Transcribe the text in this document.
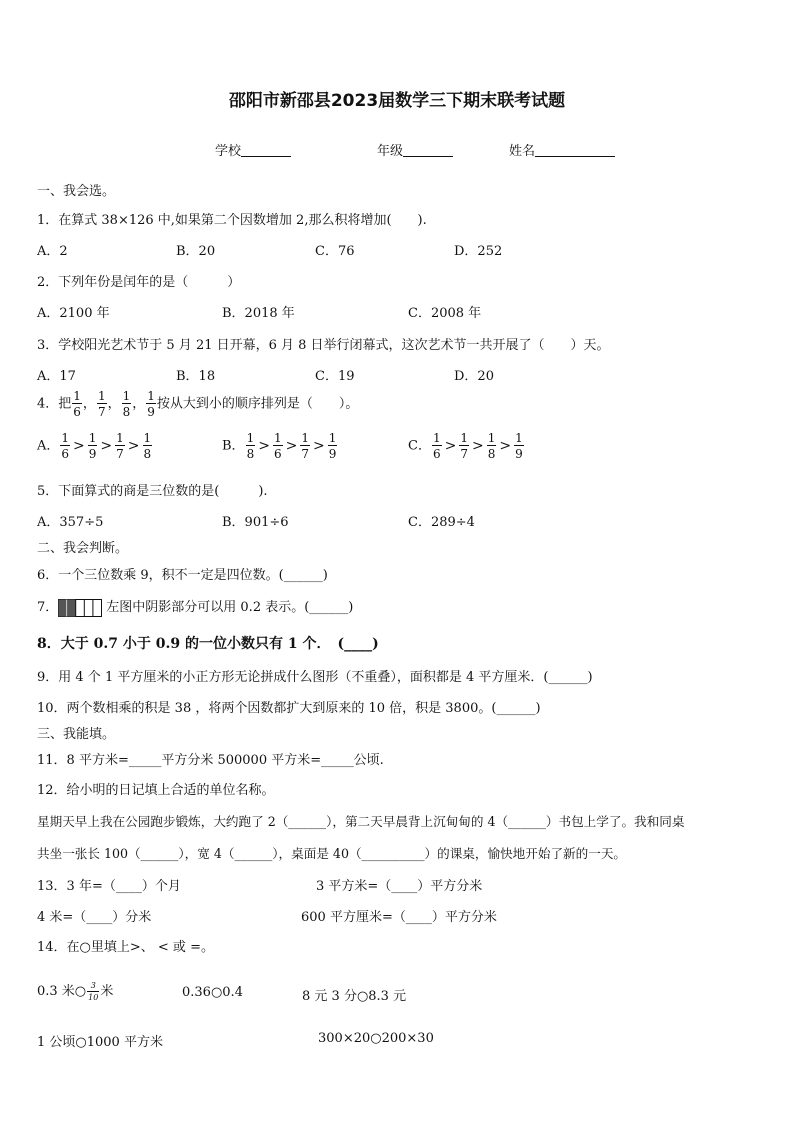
邵阳市新邵县2023届数学三下期末联考试题
学校	年级	姓名
一、我会选。
1．在算式 38×126 中,如果第二个因数增加 2,那么积将增加(　　).
A．2	B．20	C．76	D．252
2．下列年份是闰年的是（　　　）
A．2100 年	B．2018 年	C．2008 年
3．学校阳光艺术节于 5 月 21 日开幕，6 月 8 日举行闭幕式，这次艺术节一共开展了（　　）天。
A．17	B．18	C．19	D．20
4．把 $\frac{1}{6}$ ， $\frac{1}{7}$ ， $\frac{1}{8}$ ， $\frac{1}{9}$ 按从大到小的顺序排列是（　　）。
A． $\frac{1}{6} > \frac{1}{9} > \frac{1}{7} > \frac{1}{8}$	B． $\frac{1}{8} > \frac{1}{6} > \frac{1}{7} > \frac{1}{9}$	C． $\frac{1}{6} > \frac{1}{7} > \frac{1}{8} > \frac{1}{9}$
5．下面算式的商是三位数的是(　　　).
A．357÷5	B．901÷6	C．289÷4
二、我会判断。
6．一个三位数乘 9，积不一定是四位数。(______)
7．	左图中阴影部分可以用 0.2 表示。(______)
8．大于 0.7 小于 0.9 的一位小数只有 1 个．　(____)
9．用 4 个 1 平方厘米的小正方形无论拼成什么图形（不重叠），面积都是 4 平方厘米．(______)
10．两个数相乘的积是 38 ，将两个因数都扩大到原来的 10 倍，积是 3800。(______)
三、我能填。
11．8 平方米=_____平方分米 500000 平方米=_____公顷.
12．给小明的日记填上合适的单位名称。
星期天早上我在公园跑步锻炼，大约跑了 2（______），第二天早晨背上沉甸甸的 4（______）书包上学了。我和同桌
共坐一张长 100（______），宽 4（______），桌面是 40（__________）的课桌，愉快地开始了新的一天。
13．3 年=（____）个月	3 平方米=（____）平方分米
4 米=（____）分米	600 平方厘米=（____）平方分米
14．在○里填上>、 < 或 =。
0.3 米○ $\frac{3}{10}$ 米	0.36○0.4	8 元 3 分○8.3 元
1 公顷○1000 平方米	300×20○200×30
